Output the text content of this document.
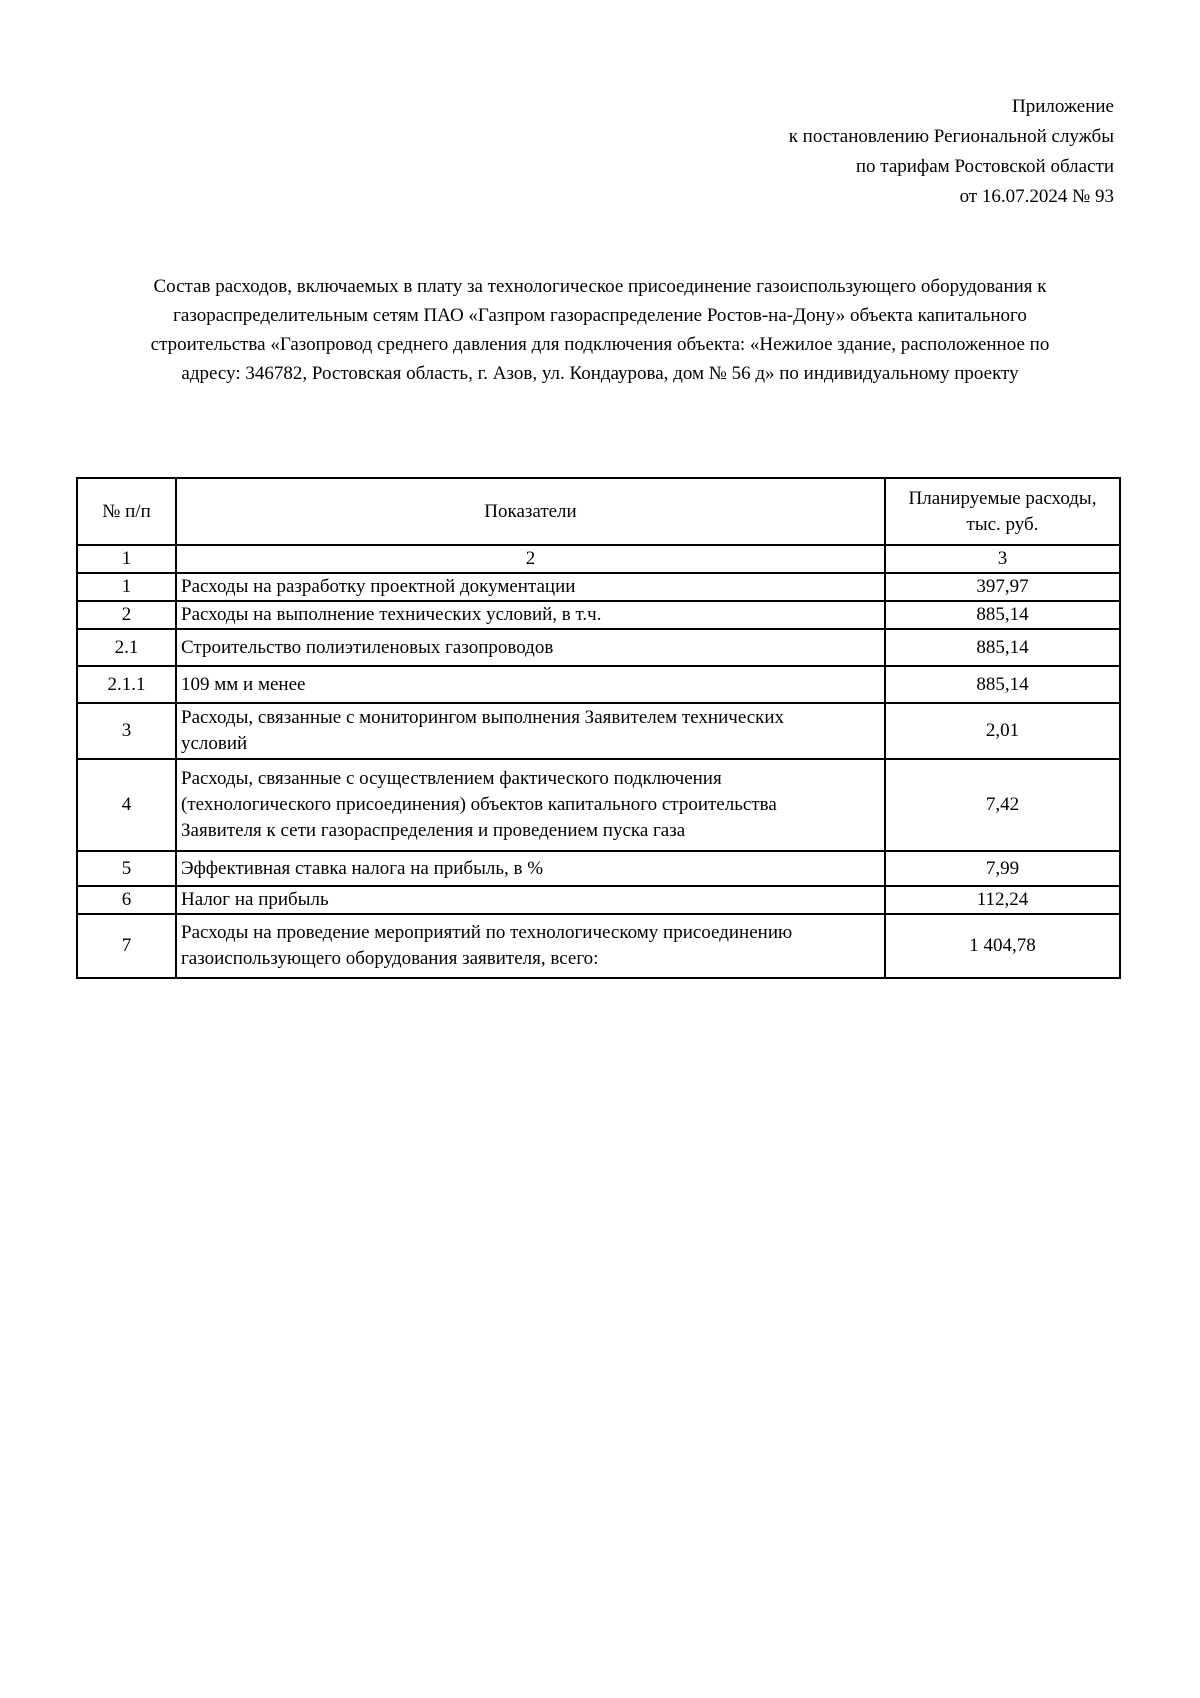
Приложение
к постановлению Региональной службы
по тарифам Ростовской области
от 16.07.2024 № 93
Состав расходов, включаемых в плату за технологическое присоединение газоиспользующего оборудования к
газораспределительным сетям ПАО «Газпром газораспределение Ростов-на-Дону» объекта капитального
строительства «Газопровод среднего давления для подключения объекта: «Нежилое здание, расположенное по
адресу: 346782, Ростовская область, г. Азов, ул. Кондаурова, дом № 56 д» по индивидуальному проекту
№ п/п	Показатели	Планируемые расходы,
тыс. руб.

1	2	3
1	Расходы на разработку проектной документации	397,97
2	Расходы на выполнение технических условий, в т.ч.	885,14
2.1	Строительство полиэтиленовых газопроводов	885,14
2.1.1	109 мм и менее	885,14
3	Расходы, связанные с мониторингом выполнения Заявителем технических
условий	2,01
4	Расходы, связанные с осуществлением фактического подключения
(технологического присоединения) объектов капитального строительства
Заявителя к сети газораспределения и проведением пуска газа	7,42
5	Эффективная ставка налога на прибыль, в %	7,99
6	Налог на прибыль	112,24
7	Расходы на проведение мероприятий по технологическому присоединению
газоиспользующего оборудования заявителя, всего:	1 404,78
